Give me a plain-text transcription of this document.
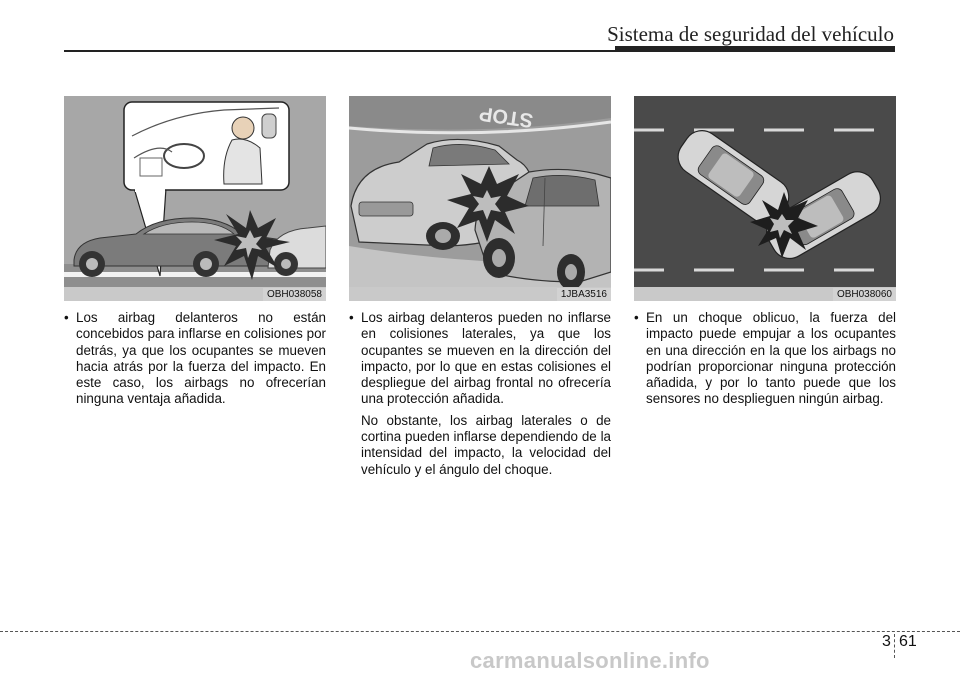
Sistema de seguridad del vehículo
OBH038058
STOP
1JBA3516	OBH038060

• Los airbag delanteros no están concebidos para inflarse en colisiones por detrás, ya que los ocupantes se mueven hacia atrás por la fuerza del impacto. En este caso, los airbags no ofrecerían ninguna ventaja añadida.

• Los airbag delanteros pueden no inflarse en colisiones laterales, ya que los ocupantes se mueven en la dirección del impacto, por lo que en estas colisiones el despliegue del airbag frontal no ofrecería una protección añadida.

No obstante, los airbag laterales o de cortina pueden inflarse dependiendo de la intensidad del impacto, la velocidad del vehículo y el ángulo del choque.

• En un choque oblicuo, la fuerza del impacto puede empujar a los ocupantes en una dirección en la que los airbags no podrían proporcionar ninguna protección añadida, y por lo tanto puede que los sensores no desplieguen ningún airbag.

3 61
carmanualsonline.info
